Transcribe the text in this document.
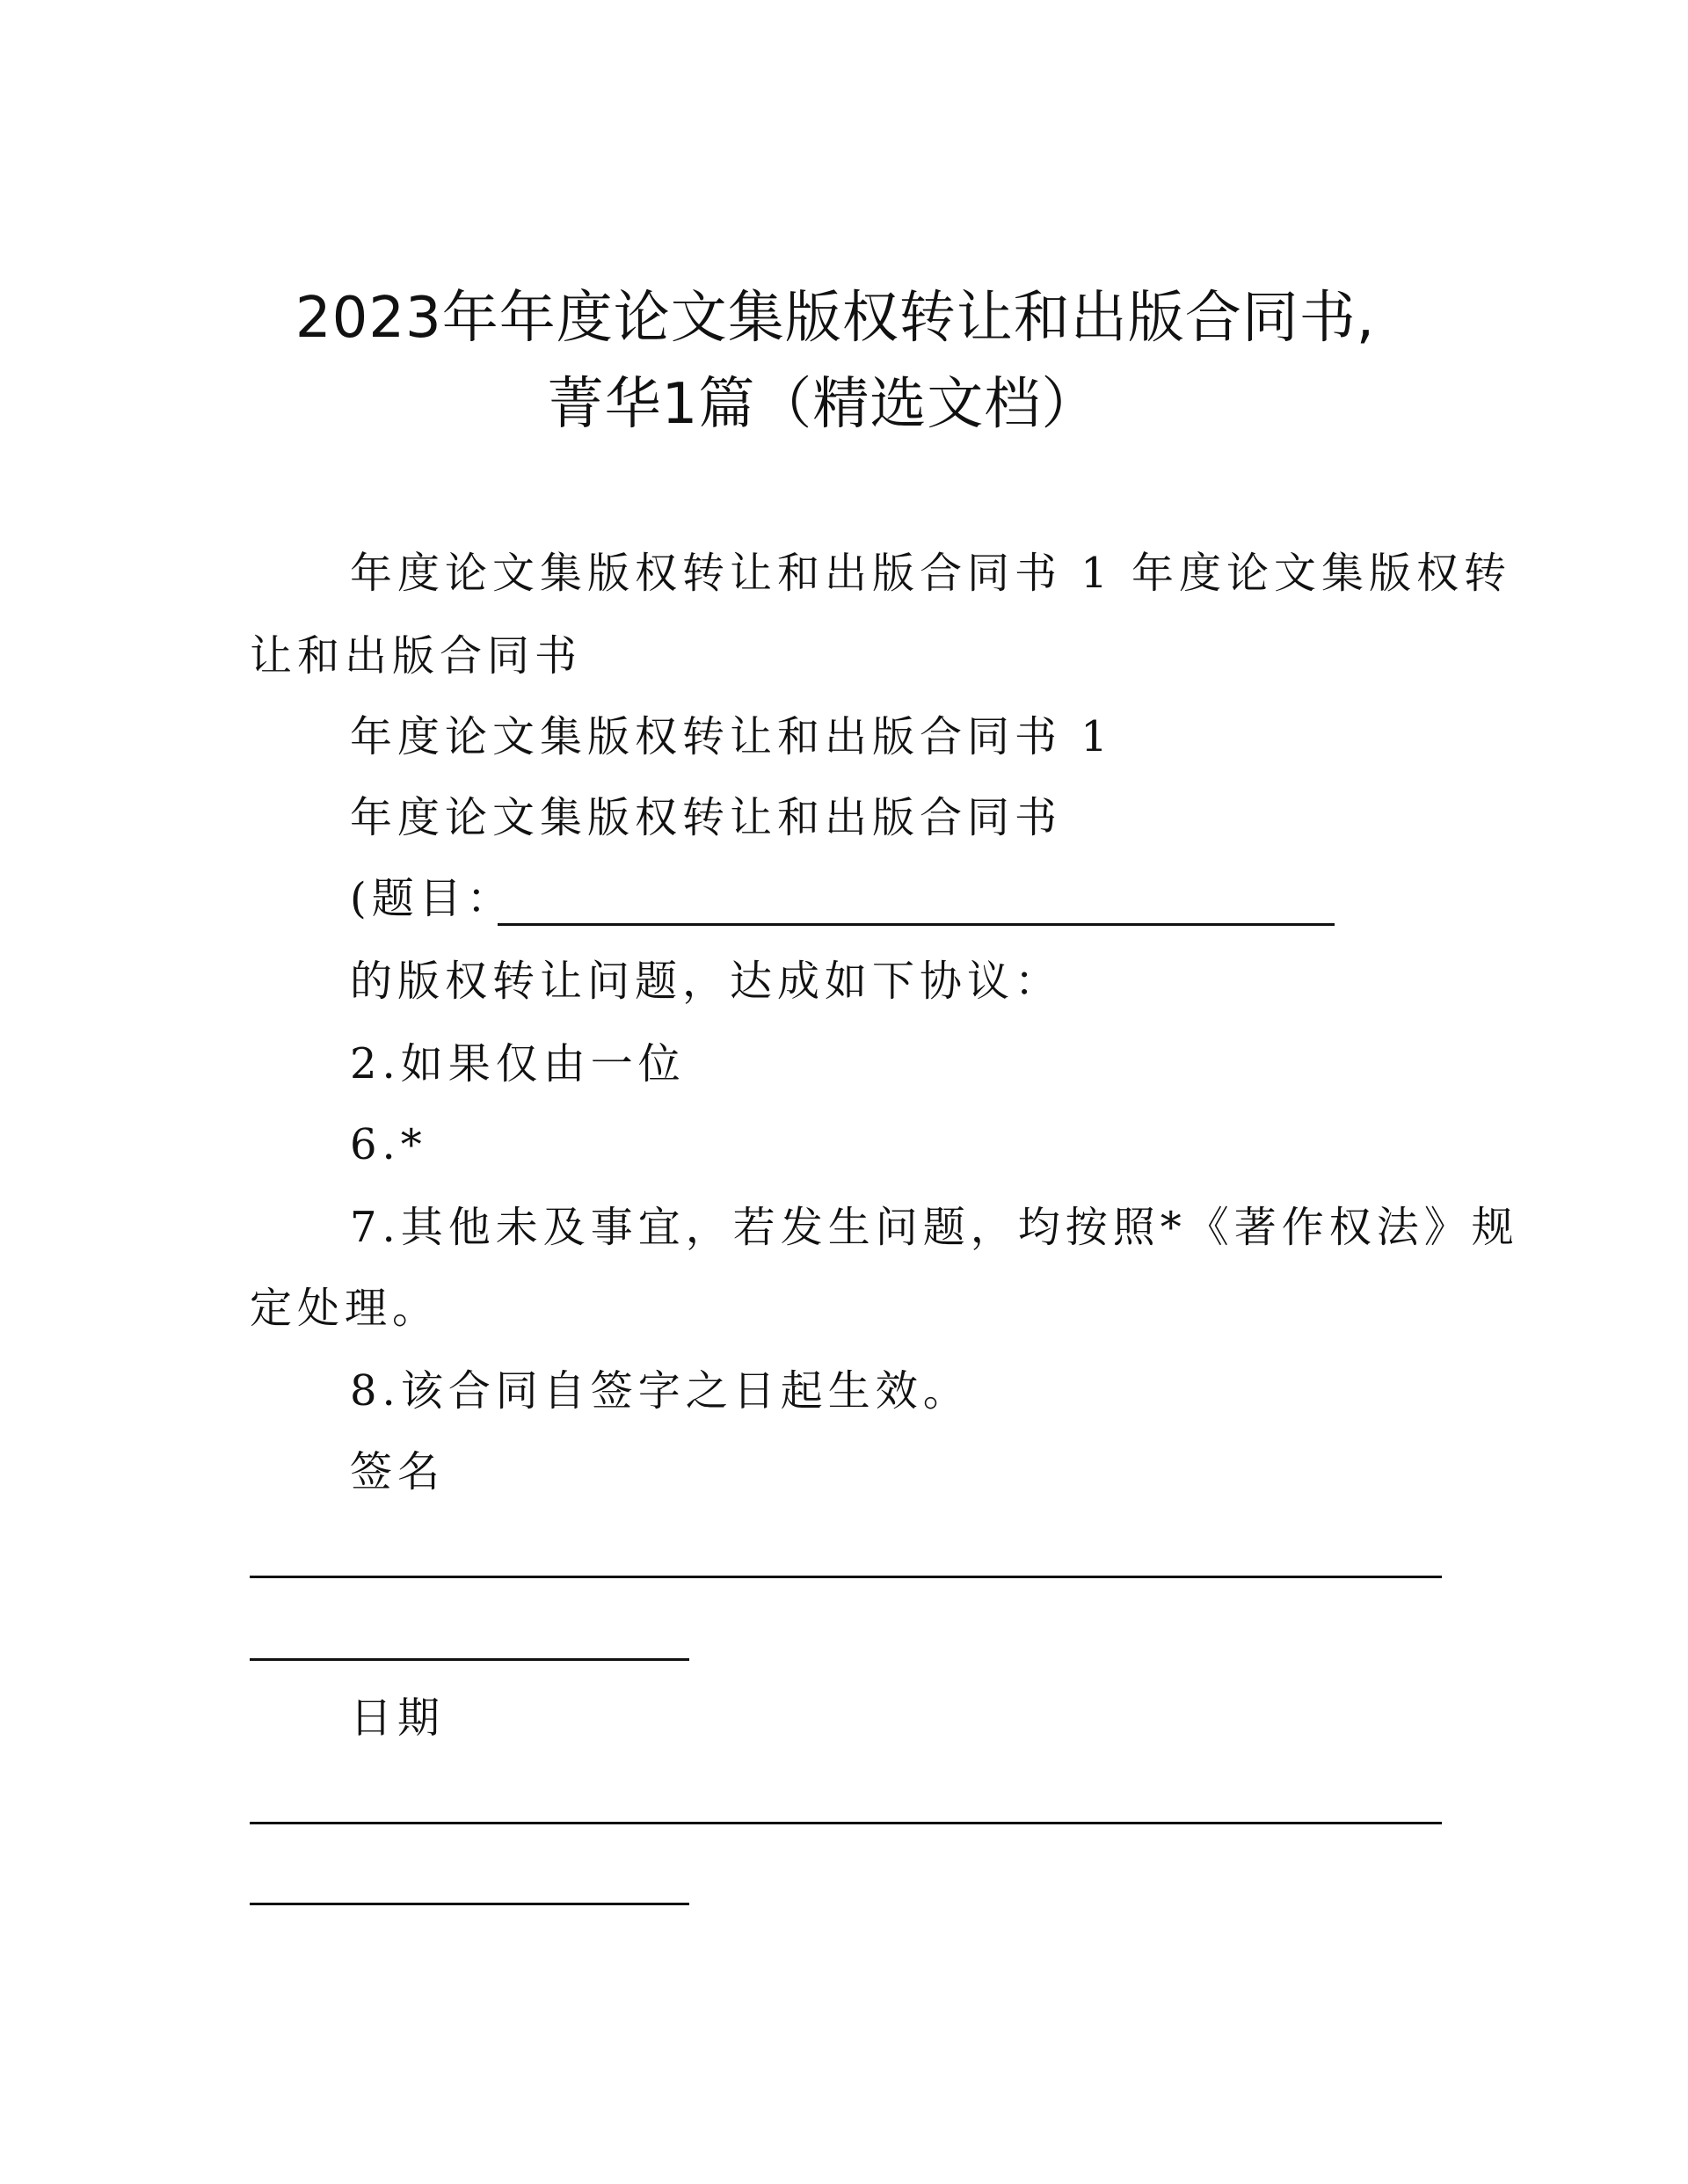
2023年年度论文集版权转让和出版合同书,
菁华1篇（精选文档）

年度论文集版权转让和出版合同书 1 年度论文集版权转

让和出版合同书

年度论文集版权转让和出版合同书 1

年度论文集版权转让和出版合同书

(题目：

的版权转让问题，达成如下协议：

2.如果仅由一位

6.*

7.其他未及事宜，若发生问题，均按照*《著作权法》规

定处理。

8.该合同自签字之日起生效。

签名

日期
